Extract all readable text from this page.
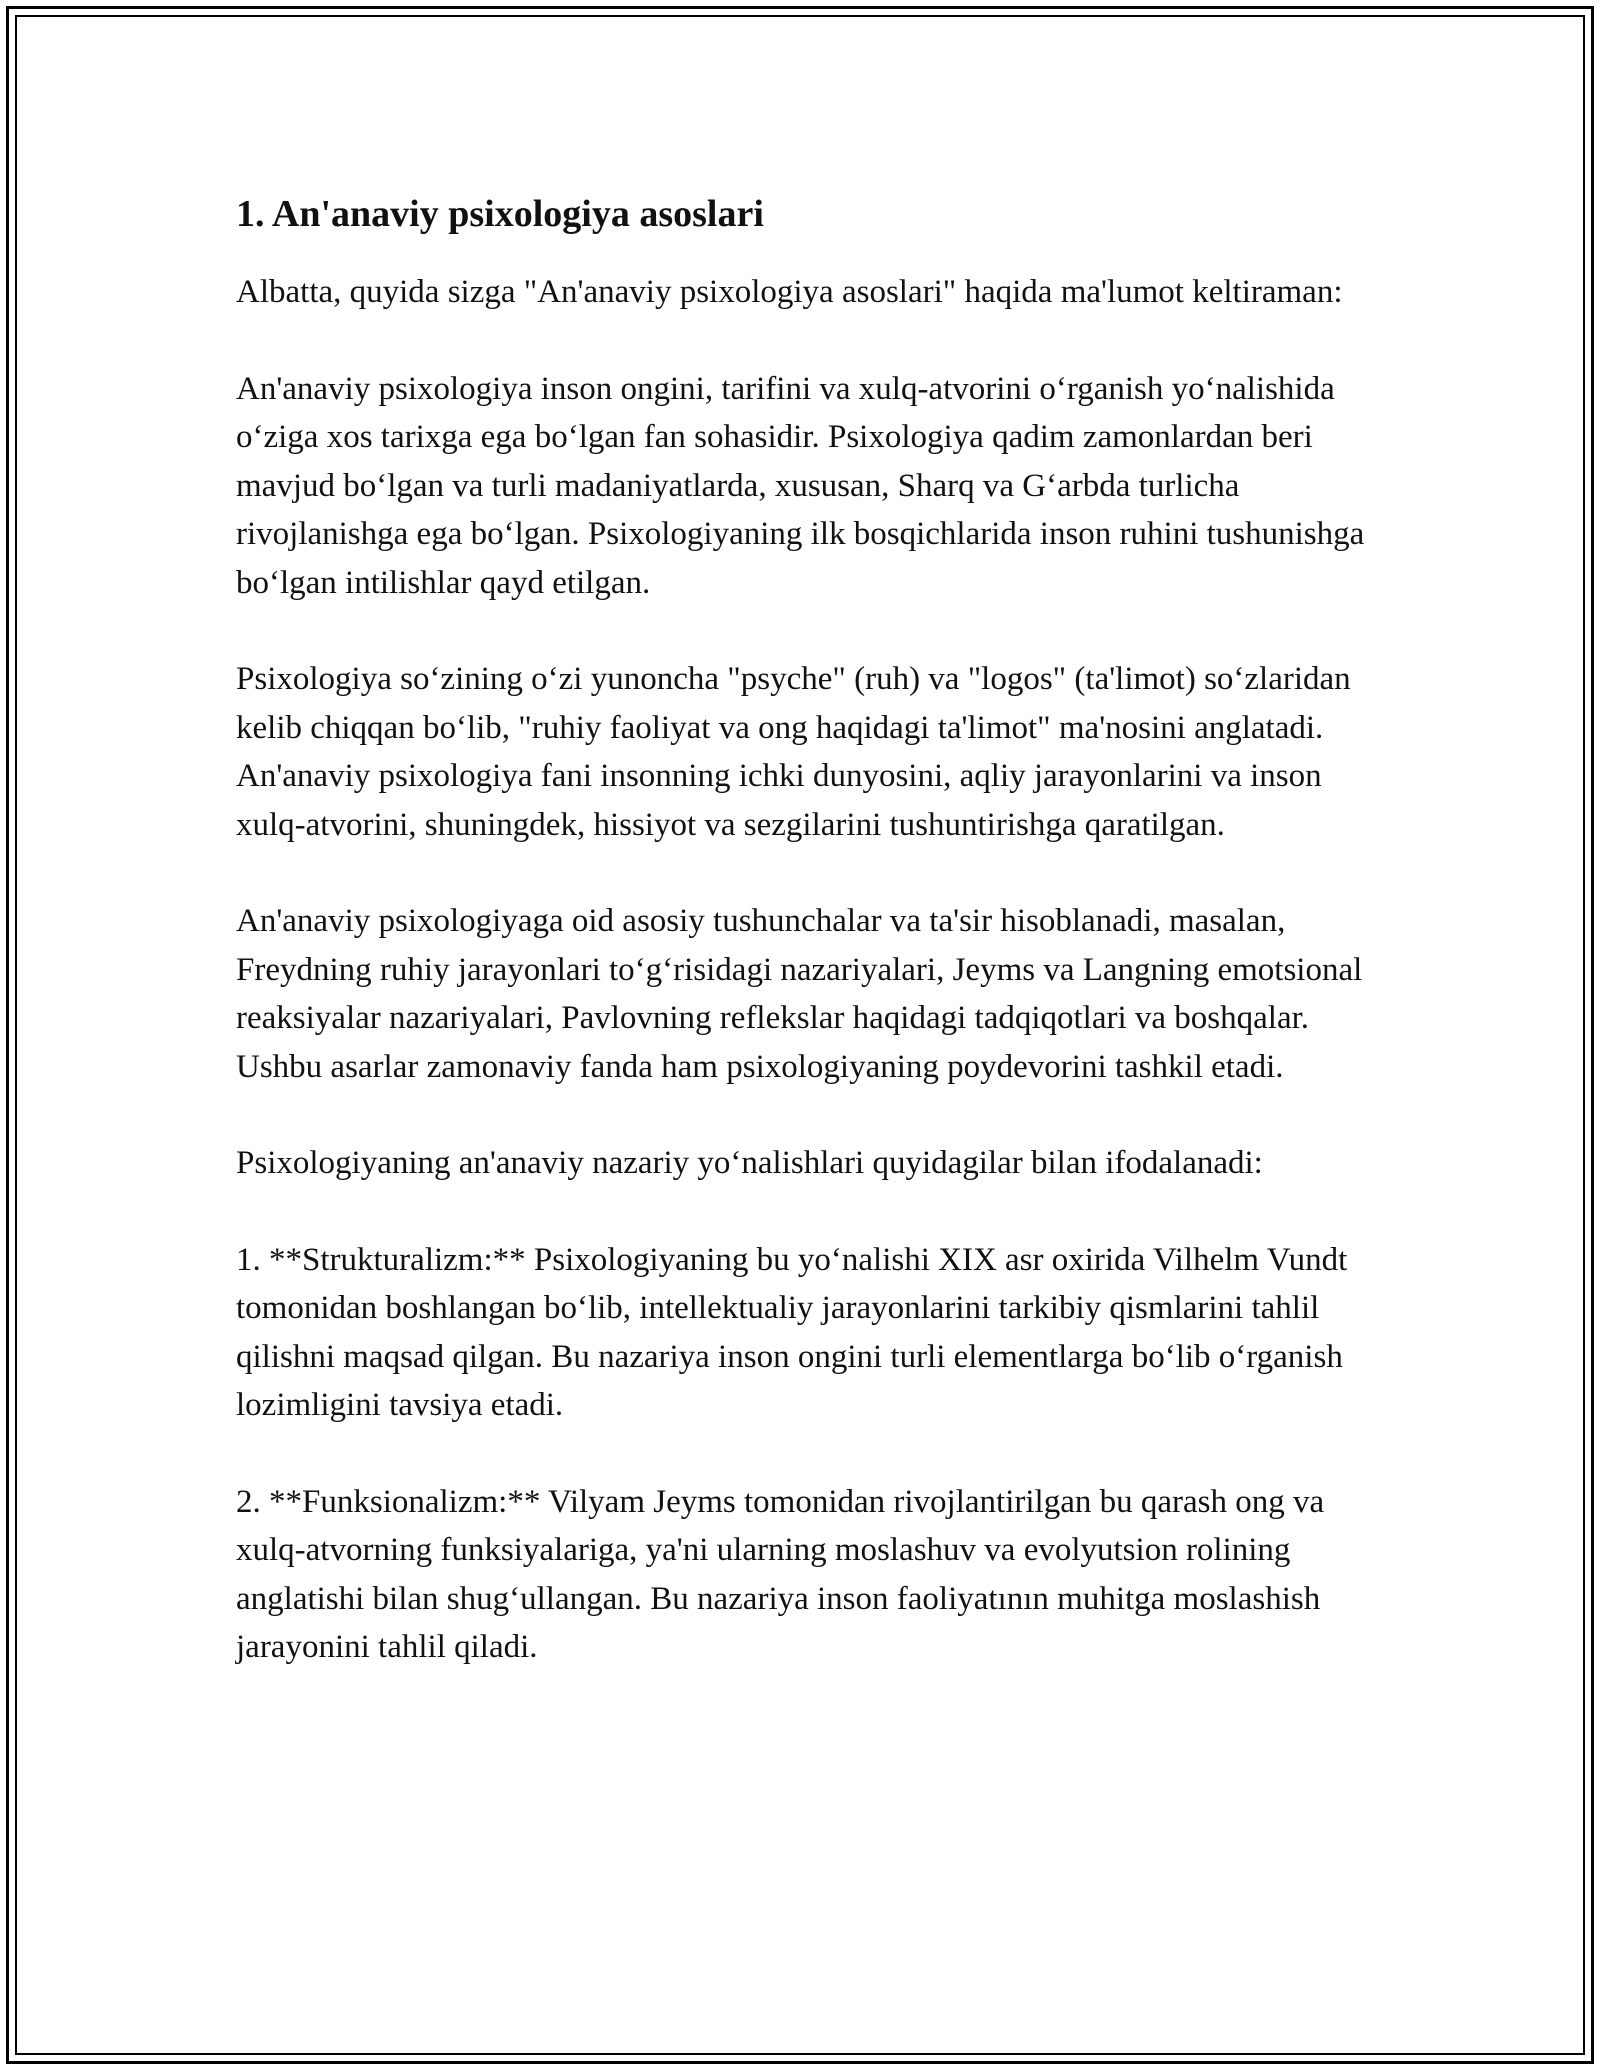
1. An'anaviy psixologiya asoslari

Albatta, quyida sizga "An'anaviy psixologiya asoslari" haqida ma'lumot keltiraman:

An'anaviy psixologiya inson ongini, tarifini va xulq-atvorini o‘rganish yo‘nalishida o‘ziga xos tarixga ega bo‘lgan fan sohasidir. Psixologiya qadim zamonlardan beri mavjud bo‘lgan va turli madaniyatlarda, xususan, Sharq va G‘arbda turlicha rivojlanishga ega bo‘lgan. Psixologiyaning ilk bosqichlarida inson ruhini tushunishga bo‘lgan intilishlar qayd etilgan.

Psixologiya so‘zining o‘zi yunoncha "psyche" (ruh) va "logos" (ta'limot) so‘zlaridan kelib chiqqan bo‘lib, "ruhiy faoliyat va ong haqidagi ta'limot" ma'nosini anglatadi. An'anaviy psixologiya fani insonning ichki dunyosini, aqliy jarayonlarini va inson xulq-atvorini, shuningdek, hissiyot va sezgilarini tushuntirishga qaratilgan.

An'anaviy psixologiyaga oid asosiy tushunchalar va ta'sir hisoblanadi, masalan, Freydning ruhiy jarayonlari to‘g‘risidagi nazariyalari, Jeyms va Langning emotsional reaksiyalar nazariyalari, Pavlovning reflekslar haqidagi tadqiqotlari va boshqalar. Ushbu asarlar zamonaviy fanda ham psixologiyaning poydevorini tashkil etadi.

Psixologiyaning an'anaviy nazariy yo‘nalishlari quyidagilar bilan ifodalanadi:

1. **Strukturalizm:** Psixologiyaning bu yo‘nalishi XIX asr oxirida Vilhelm Vundt tomonidan boshlangan bo‘lib, intellektualiy jarayonlarini tarkibiy qismlarini tahlil qilishni maqsad qilgan. Bu nazariya inson ongini turli elementlarga bo‘lib o‘rganish lozimligini tavsiya etadi.

2. **Funksionalizm:** Vilyam Jeyms tomonidan rivojlantirilgan bu qarash ong va xulq-atvorning funksiyalariga, ya'ni ularning moslashuv va evolyutsion rolining anglatishi bilan shug‘ullangan. Bu nazariya inson faoliyatının muhitga moslashish jarayonini tahlil qiladi.
